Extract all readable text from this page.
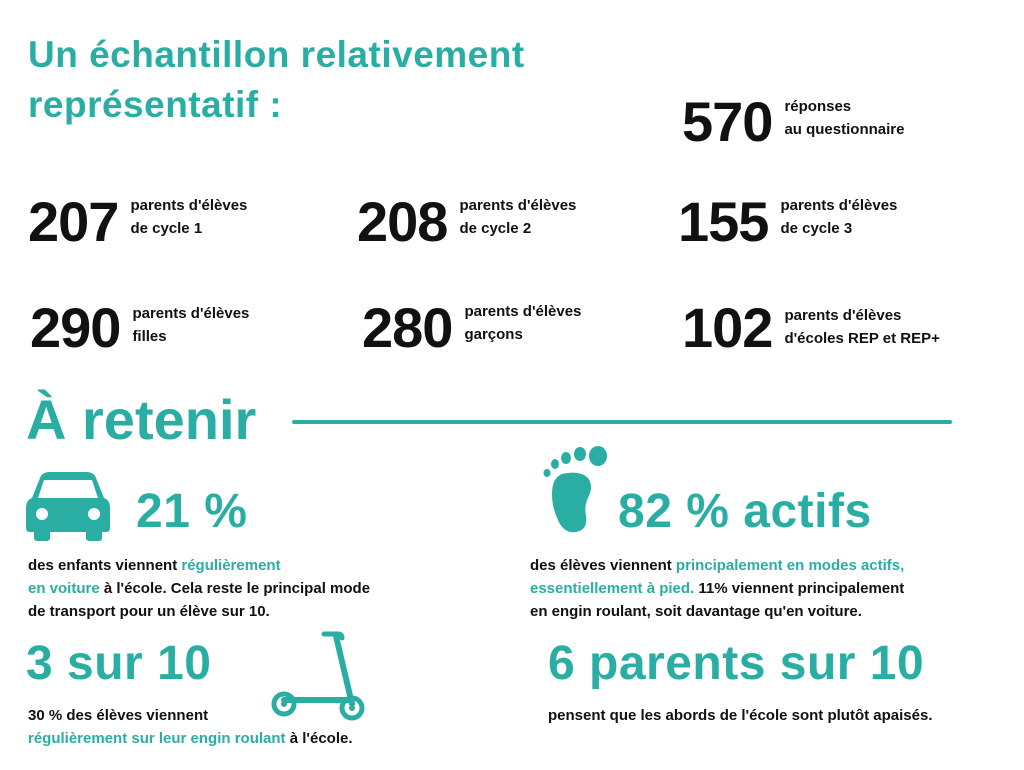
Un échantillon relativement
représentatif :	570 réponses
au questionnaire
207 parents d'élèves
de cycle 1	208 parents d'élèves
de cycle 2	155 parents d'élèves
de cycle 3
290 parents d'élèves
filles	280 parents d'élèves
garçons	102 parents d'élèves
d'écoles REP et REP+
À retenir
21 %
des enfants viennent régulièrement
en voiture à l'école. Cela reste le principal mode
de transport pour un élève sur 10.
82 % actifs
des élèves viennent principalement en modes actifs,
essentiellement à pied. 11% viennent principalement
en engin roulant, soit davantage qu'en voiture.
3 sur 10
30 % des élèves viennent
régulièrement sur leur engin roulant à l'école.
6 parents sur 10
pensent que les abords de l'école sont plutôt apaisés.
